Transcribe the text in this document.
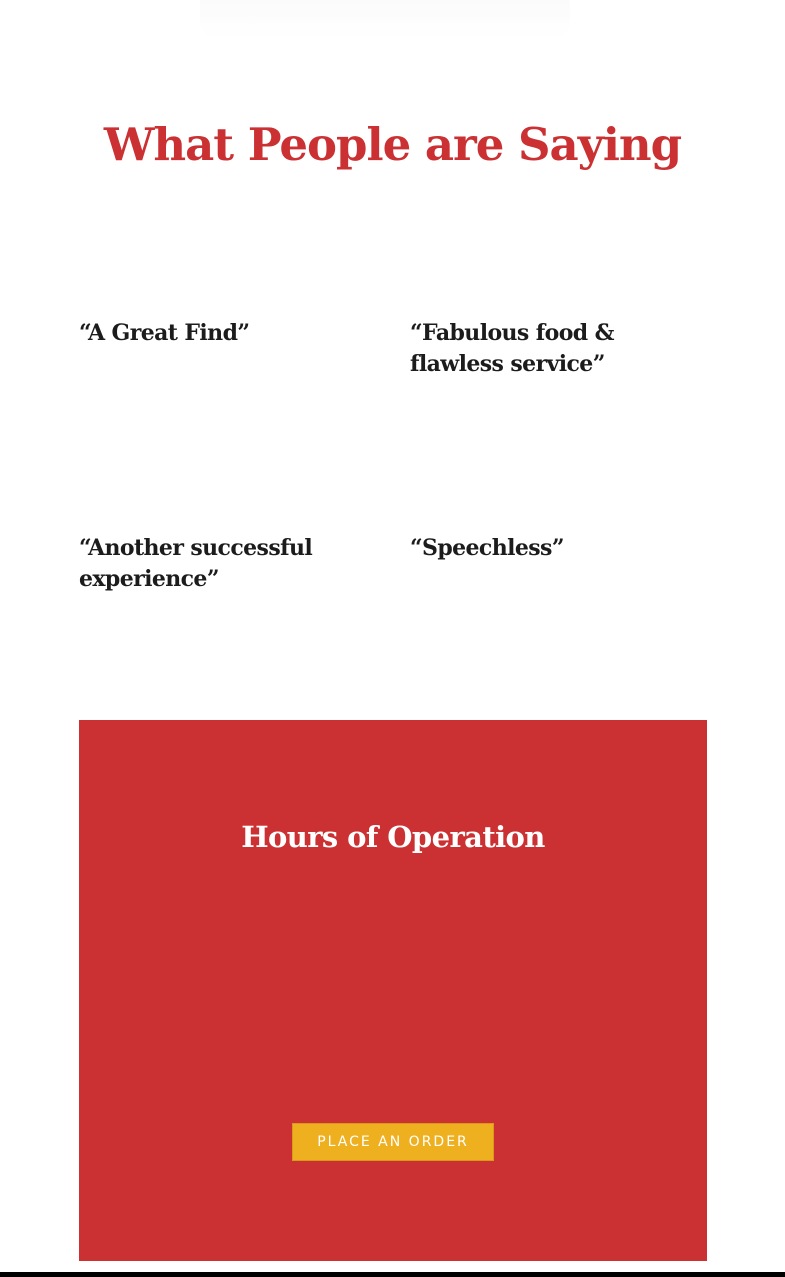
What People are Saying

“A Great Find”	“Fabulous food & flawless service”

“Another successful experience”

“Speechless”

Hours of Operation
PLACE AN ORDER
